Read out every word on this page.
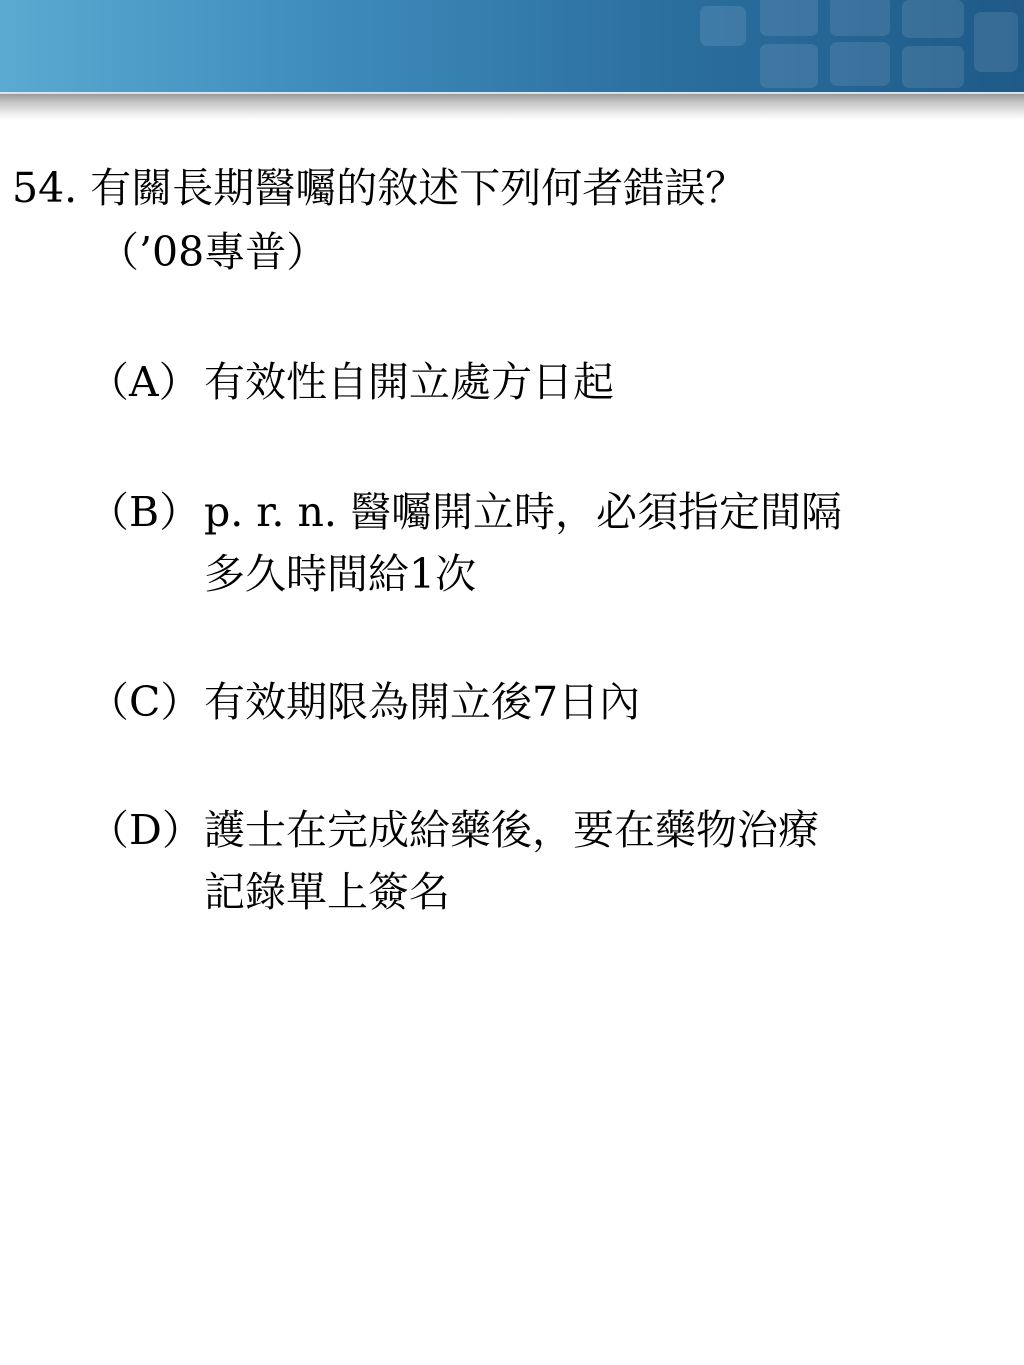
54. 有關長期醫囑的敘述下列何者錯誤？
（’08專普）
（A） 有效性自開立處方日起
（B） p. r. n. 醫囑開立時，必須指定間隔
多久時間給1次
（C） 有效期限為開立後7日內
（D） 護士在完成給藥後，要在藥物治療
記錄單上簽名
